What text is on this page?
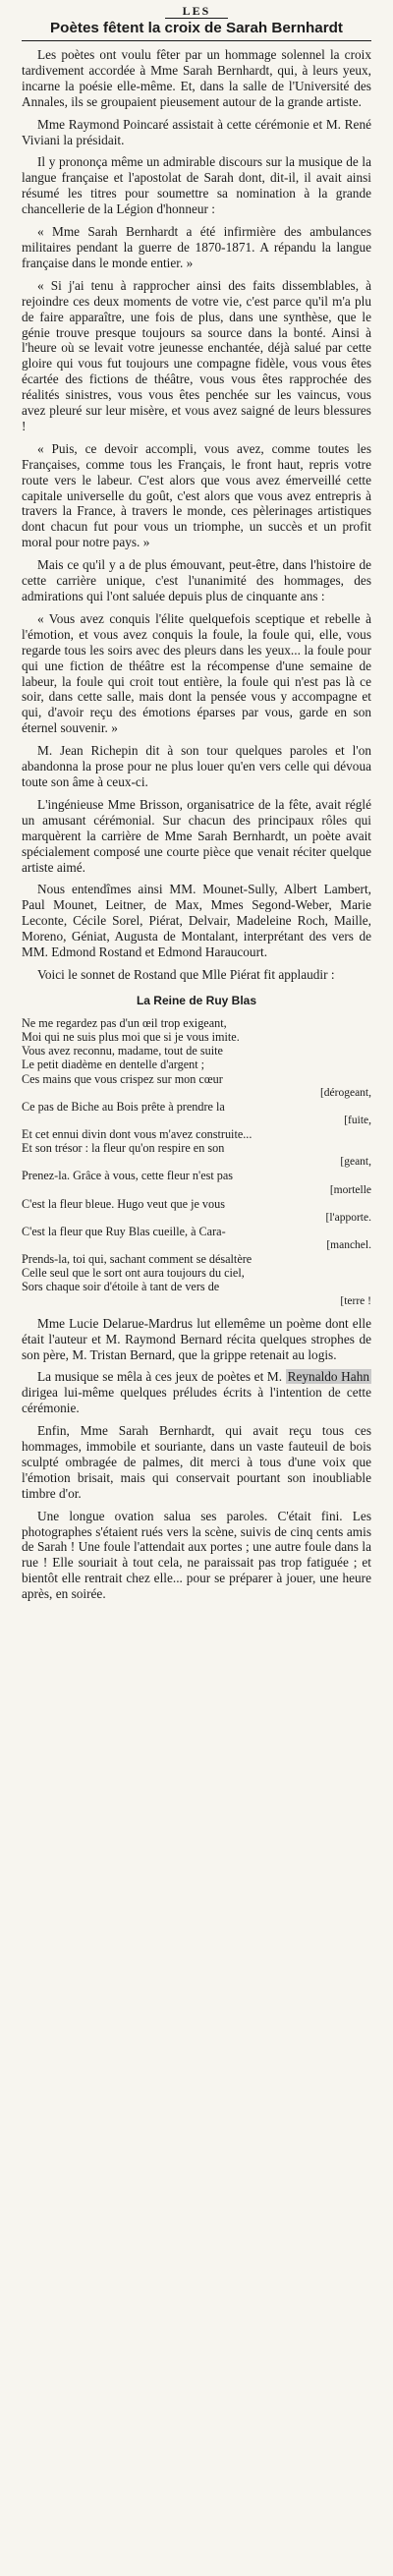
LES
Poètes fêtent la croix de Sarah Bernhardt

Les poètes ont voulu fêter par un hommage solennel la croix tardivement accordée à Mme Sarah Bernhardt, qui, à leurs yeux, incarne la poésie elle-même. Et, dans la salle de l'Université des Annales, ils se groupaient pieusement autour de la grande artiste.

Mme Raymond Poincaré assistait à cette cérémonie et M. René Viviani la présidait.

Il y prononça même un admirable discours sur la musique de la langue française et l'apostolat de Sarah dont, dit-il, il avait ainsi résumé les titres pour soumettre sa nomination à la grande chancellerie de la Légion d'honneur :

« Mme Sarah Bernhardt a été infirmière des ambulances militaires pendant la guerre de 1870-1871. A répandu la langue française dans le monde entier. »

« Si j'ai tenu à rapprocher ainsi des faits dissemblables, à rejoindre ces deux moments de votre vie, c'est parce qu'il m'a plu de faire apparaître, une fois de plus, dans une synthèse, que le génie trouve presque toujours sa source dans la bonté. Ainsi à l'heure où se levait votre jeunesse enchantée, déjà salué par cette gloire qui vous fut toujours une compagne fidèle, vous vous êtes écartée des fictions de théâtre, vous vous êtes rapprochée des réalités sinistres, vous vous êtes penchée sur les vaincus, vous avez pleuré sur leur misère, et vous avez saigné de leurs blessures !

« Puis, ce devoir accompli, vous avez, comme toutes les Françaises, comme tous les Français, le front haut, repris votre route vers le labeur. C'est alors que vous avez émerveillé cette capitale universelle du goût, c'est alors que vous avez entrepris à travers la France, à travers le monde, ces pèlerinages artistiques dont chacun fut pour vous un triomphe, un succès et un profit moral pour notre pays. »

Mais ce qu'il y a de plus émouvant, peut-être, dans l'histoire de cette carrière unique, c'est l'unanimité des hommages, des admirations qui l'ont saluée depuis plus de cinquante ans :

« Vous avez conquis l'élite quelquefois sceptique et rebelle à l'émotion, et vous avez conquis la foule, la foule qui, elle, vous regarde tous les soirs avec des pleurs dans les yeux... la foule pour qui une fiction de théâtre est la récompense d'une semaine de labeur, la foule qui croit tout entière, la foule qui n'est pas là ce soir, dans cette salle, mais dont la pensée vous y accompagne et qui, d'avoir reçu des émotions éparses par vous, garde en son éternel souvenir. »

M. Jean Richepin dit à son tour quelques paroles et l'on abandonna la prose pour ne plus louer qu'en vers celle qui dévoua toute son âme à ceux-ci.

L'ingénieuse Mme Brisson, organisatrice de la fête, avait réglé un amusant cérémonial. Sur chacun des principaux rôles qui marquèrent la carrière de Mme Sarah Bernhardt, un poète avait spécialement composé une courte pièce que venait réciter quelque artiste aimé.

Nous entendîmes ainsi MM. Mounet-Sully, Albert Lambert, Paul Mounet, Leitner, de Max, Mmes Segond-Weber, Marie Leconte, Cécile Sorel, Piérat, Delvair, Madeleine Roch, Maille, Moreno, Géniat, Augusta de Montalant, interprétant des vers de MM. Edmond Rostand et Edmond Haraucourt.

Voici le sonnet de Rostand que Mlle Piérat fit applaudir :

La Reine de Ruy Blas
Ne me regardez pas d'un œil trop exigeant,
Moi qui ne suis plus moi que si je vous imite.
Vous avez reconnu, madame, tout de suite
Le petit diadème en dentelle d'argent ;
Ces mains que vous crispez sur mon cœur
[dérogeant,
Ce pas de Biche au Bois prête à prendre la
[fuite,
Et cet ennui divin dont vous m'avez construite...
Et son trésor : la fleur qu'on respire en son
[geant,
Prenez-la. Grâce à vous, cette fleur n'est pas
[mortelle
C'est la fleur bleue. Hugo veut que je vous
[l'apporte.
C'est la fleur que Ruy Blas cueille, à Cara-
[manchel.
Prends-la, toi qui, sachant comment se désaltère
Celle seul que le sort ont aura toujours du ciel,
Sors chaque soir d'étoile à tant de vers de
[terre !

Mme Lucie Delarue-Mardrus lut ellemême un poème dont elle était l'auteur et M. Raymond Bernard récita quelques strophes de son père, M. Tristan Bernard, que la grippe retenait au logis.

La musique se mêla à ces jeux de poètes et M. Reynaldo Hahn dirigea lui-même quelques préludes écrits à l'intention de cette cérémonie.

Enfin, Mme Sarah Bernhardt, qui avait reçu tous ces hommages, immobile et souriante, dans un vaste fauteuil de bois sculpté ombragée de palmes, dit merci à tous d'une voix que l'émotion brisait, mais qui conservait pourtant son inoubliable timbre d'or.

Une longue ovation salua ses paroles. C'était fini. Les photographes s'étaient rués vers la scène, suivis de cinq cents amis de Sarah ! Une foule l'attendait aux portes ; une autre foule dans la rue ! Elle souriait à tout cela, ne paraissait pas trop fatiguée ; et bientôt elle rentrait chez elle... pour se préparer à jouer, une heure après, en soirée.
